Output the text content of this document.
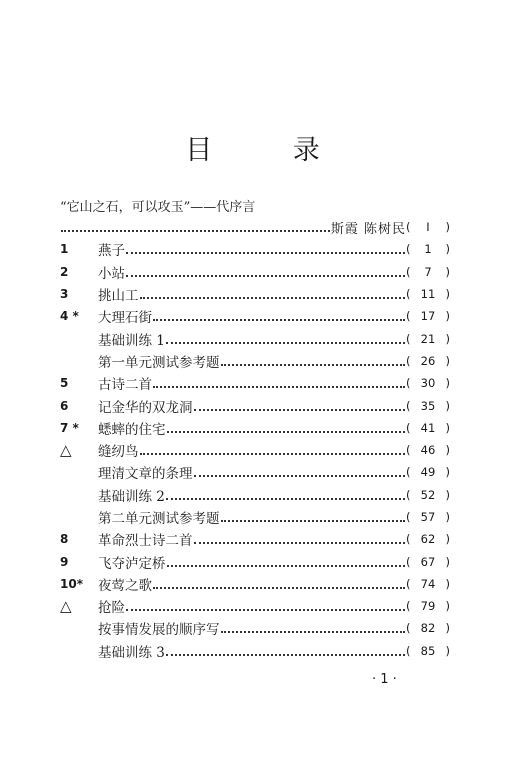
目 录
“它山之石，可以攻玉”——代序言
斯霞 陈树民 ( I )
1	燕子	( 1 )
2	小站	( 7 )
3	挑山工	( 11 )
4 *	大理石街	( 17 )
基础训练 1	( 21 )
第一单元测试参考题	( 26 )
5	古诗二首	( 30 )
6	记金华的双龙洞	( 35 )
7 *	蟋蟀的住宅	( 41 )
△	缝纫鸟	( 46 )
理清文章的条理	( 49 )
基础训练 2	( 52 )
第二单元测试参考题	( 57 )
8	革命烈士诗二首	( 62 )
9	飞夺泸定桥	( 67 )
10*	夜莺之歌	( 74 )
△	抢险	( 79 )
按事情发展的顺序写	( 82 )
基础训练 3	( 85 )
· 1 ·
